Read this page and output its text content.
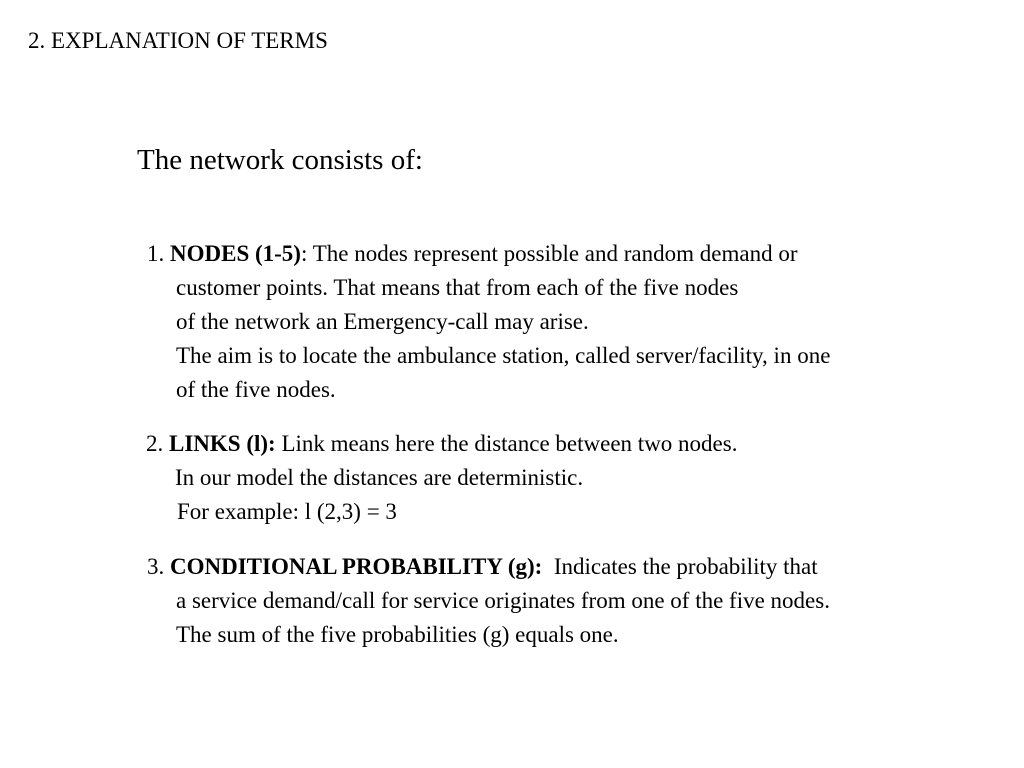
2. EXPLANATION OF TERMS
The network consists of:
1. NODES (1-5): The nodes represent possible and random demand or
customer points. That means that from each of the five nodes
of the network an Emergency-call may arise.
The aim is to locate the ambulance station, called server/facility, in one
of the five nodes.
2. LINKS (l): Link means here the distance between two nodes.
In our model the distances are deterministic.
For example: l (2,3) = 3
3. CONDITIONAL PROBABILITY (g): Indicates the probability that
a service demand/call for service originates from one of the five nodes.
The sum of the five probabilities (g) equals one.
